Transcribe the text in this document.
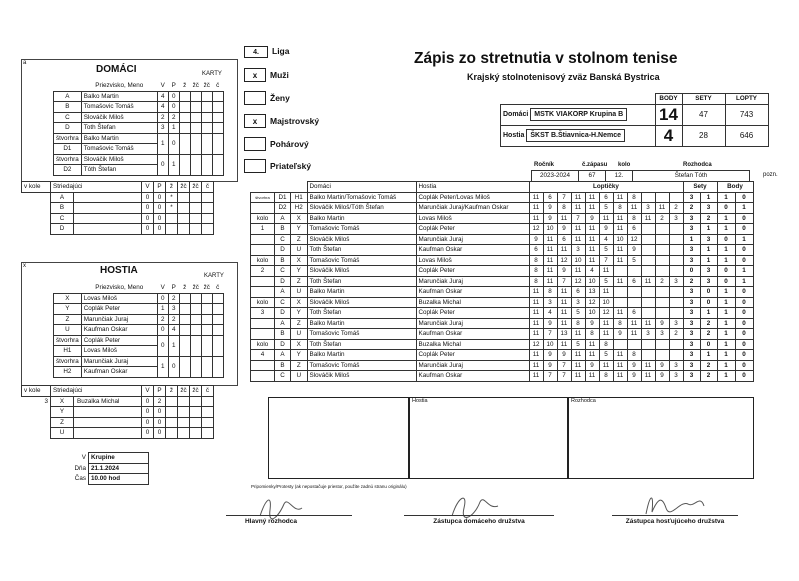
4.	Liga
x	Muži
Ženy
x	Majstrovský
Pohárový
Priateľský
Zápis zo stretnutia v stolnom tenise
Krajský stolnotenisový zväz Banská Bystrica
	BODY	SETY	LOPTY
Domáci MSTK VIAKORP Krupina B	14	47	743
Hostia ŠKST B.Štiavnica-H.Nemce	4	28	646
Ročník	č.zápasu kolo	Rozhodca
2023-2024	67	12.	Štefan Tóth	pozn.
a
DOMÁCI	KARTY
	Priezvisko, Meno	V	P	ž	žč	žč	č
A	Balko Martin	4	0				
B	Tomašovic Tomáš	4	0				
C	Slováčik Miloš	2	2				
D	Toth Štefan	3	1				
štvorhra	Balko Martin	1	0				
D1	Tomašovic Tomáš						
štvorhra	Slováčik Miloš	0	1				
D2	Tóth Štefan						
v kole	Striedajúci	V	P	ž	žč	žč	č
	A	0	0	*			
	B	0	0	*			
	C	0	0				
	D	0	0				
x	HOSTIA	KARTY
	Priezvisko, Meno	V	P	ž	žč	žč	č
X	Lovas Miloš	0	2				
Y	Coplák Peter	1	3				
Z	Marunčiak Juraj	2	2				
U	Kaufman Oskar	0	4				
štvorhra	Coplák Peter	0	1				
H1	Lovas Miloš						
štvorhra	Marunčiak Juraj	1	0				
H2	Kaufman Oskar						
v kole	Striedajúci	V	P	ž	žč	žč	č
3	X Buzalka Michal	0	2				
	Y	0	0				
	Z	0	0				
	U	0	0				
			Domáci	Hostia	Loptičky											Sety		Body	
štvorhra	D1	H1	Balko Martin/Tomašovic Tomáš	Coplák Peter/Lovas Miloš	11	6	7	11	11	6	11	8				3	1	1	0
	D2	H2	Slováčik Miloš/Tóth Štefan	Marunčiak Juraj/Kaufman Oskar	11	9	8	11	11	5	8	11	3	11	2	2	3	0	1
kolo	A	X	Balko Martin	Lovas Miloš	11	9	11	7	9	11	11	8	11	2	3	3	2	1	0
1	B	Y	Tomašovic Tomáš	Coplák Peter	12	10	9	11	11	9	11	6				3	1	1	0
	C	Z	Slováčik Miloš	Marunčiak Juraj	9	11	6	11	11	4	10	12				1	3	0	1
	D	U	Toth Štefan	Kaufman Oskar	6	11	11	3	11	5	11	9				3	1	1	0
kolo	B	X	Tomašovic Tomáš	Lovas Miloš	8	11	12	10	11	7	11	5				3	1	1	0
2	C	Y	Slováčik Miloš	Coplák Peter	8	11	9	11	4	11						0	3	0	1
	D	Z	Toth Štefan	Marunčiak Juraj	8	11	7	12	10	5	11	6	11	2	3	2	3	0	1
	A	U	Balko Martin	Kaufman Oskar	11	8	11	6	13	11						3	0	1	0
kolo	C	X	Slováčik Miloš	Buzalka Michal	11	3	11	3	12	10						3	0	1	0
3	D	Y	Toth Štefan	Coplák Peter	11	4	11	5	10	12	11	6				3	1	1	0
	A	Z	Balko Martin	Marunčiak Juraj	11	9	11	8	9	11	8	11	11	9	3	3	2	1	0
	B	U	Tomašovic Tomáš	Kaufman Oskar	11	7	13	11	8	11	9	11	3	3	2	3	2	1	0
kolo	D	X	Toth Štefan	Buzalka Michal	12	10	11	5	11	8						3	0	1	0
4	A	Y	Balko Martin	Coplák Peter	11	9	9	11	11	5	11	8				3	1	1	0
	B	Z	Tomašovic Tomáš	Marunčiak Juraj	11	9	7	11	9	11	11	9	11	9	3	3	2	1	0
	C	U	Slováčik Miloš	Kaufman Oskar	11	7	7	11	11	8	11	9	11	9	3	3	2	1	0
Hostia	Rozhodca
V	Krupine
Dňa	21.1.2024
Čas	10.00 hod
Pripomienky/Protesty (ak nepostačuje priestor, použite zadnú stranu originálu)
Hlavný rozhodca	Zástupca domáceho družstva	Zástupca hosťujúceho družstva
